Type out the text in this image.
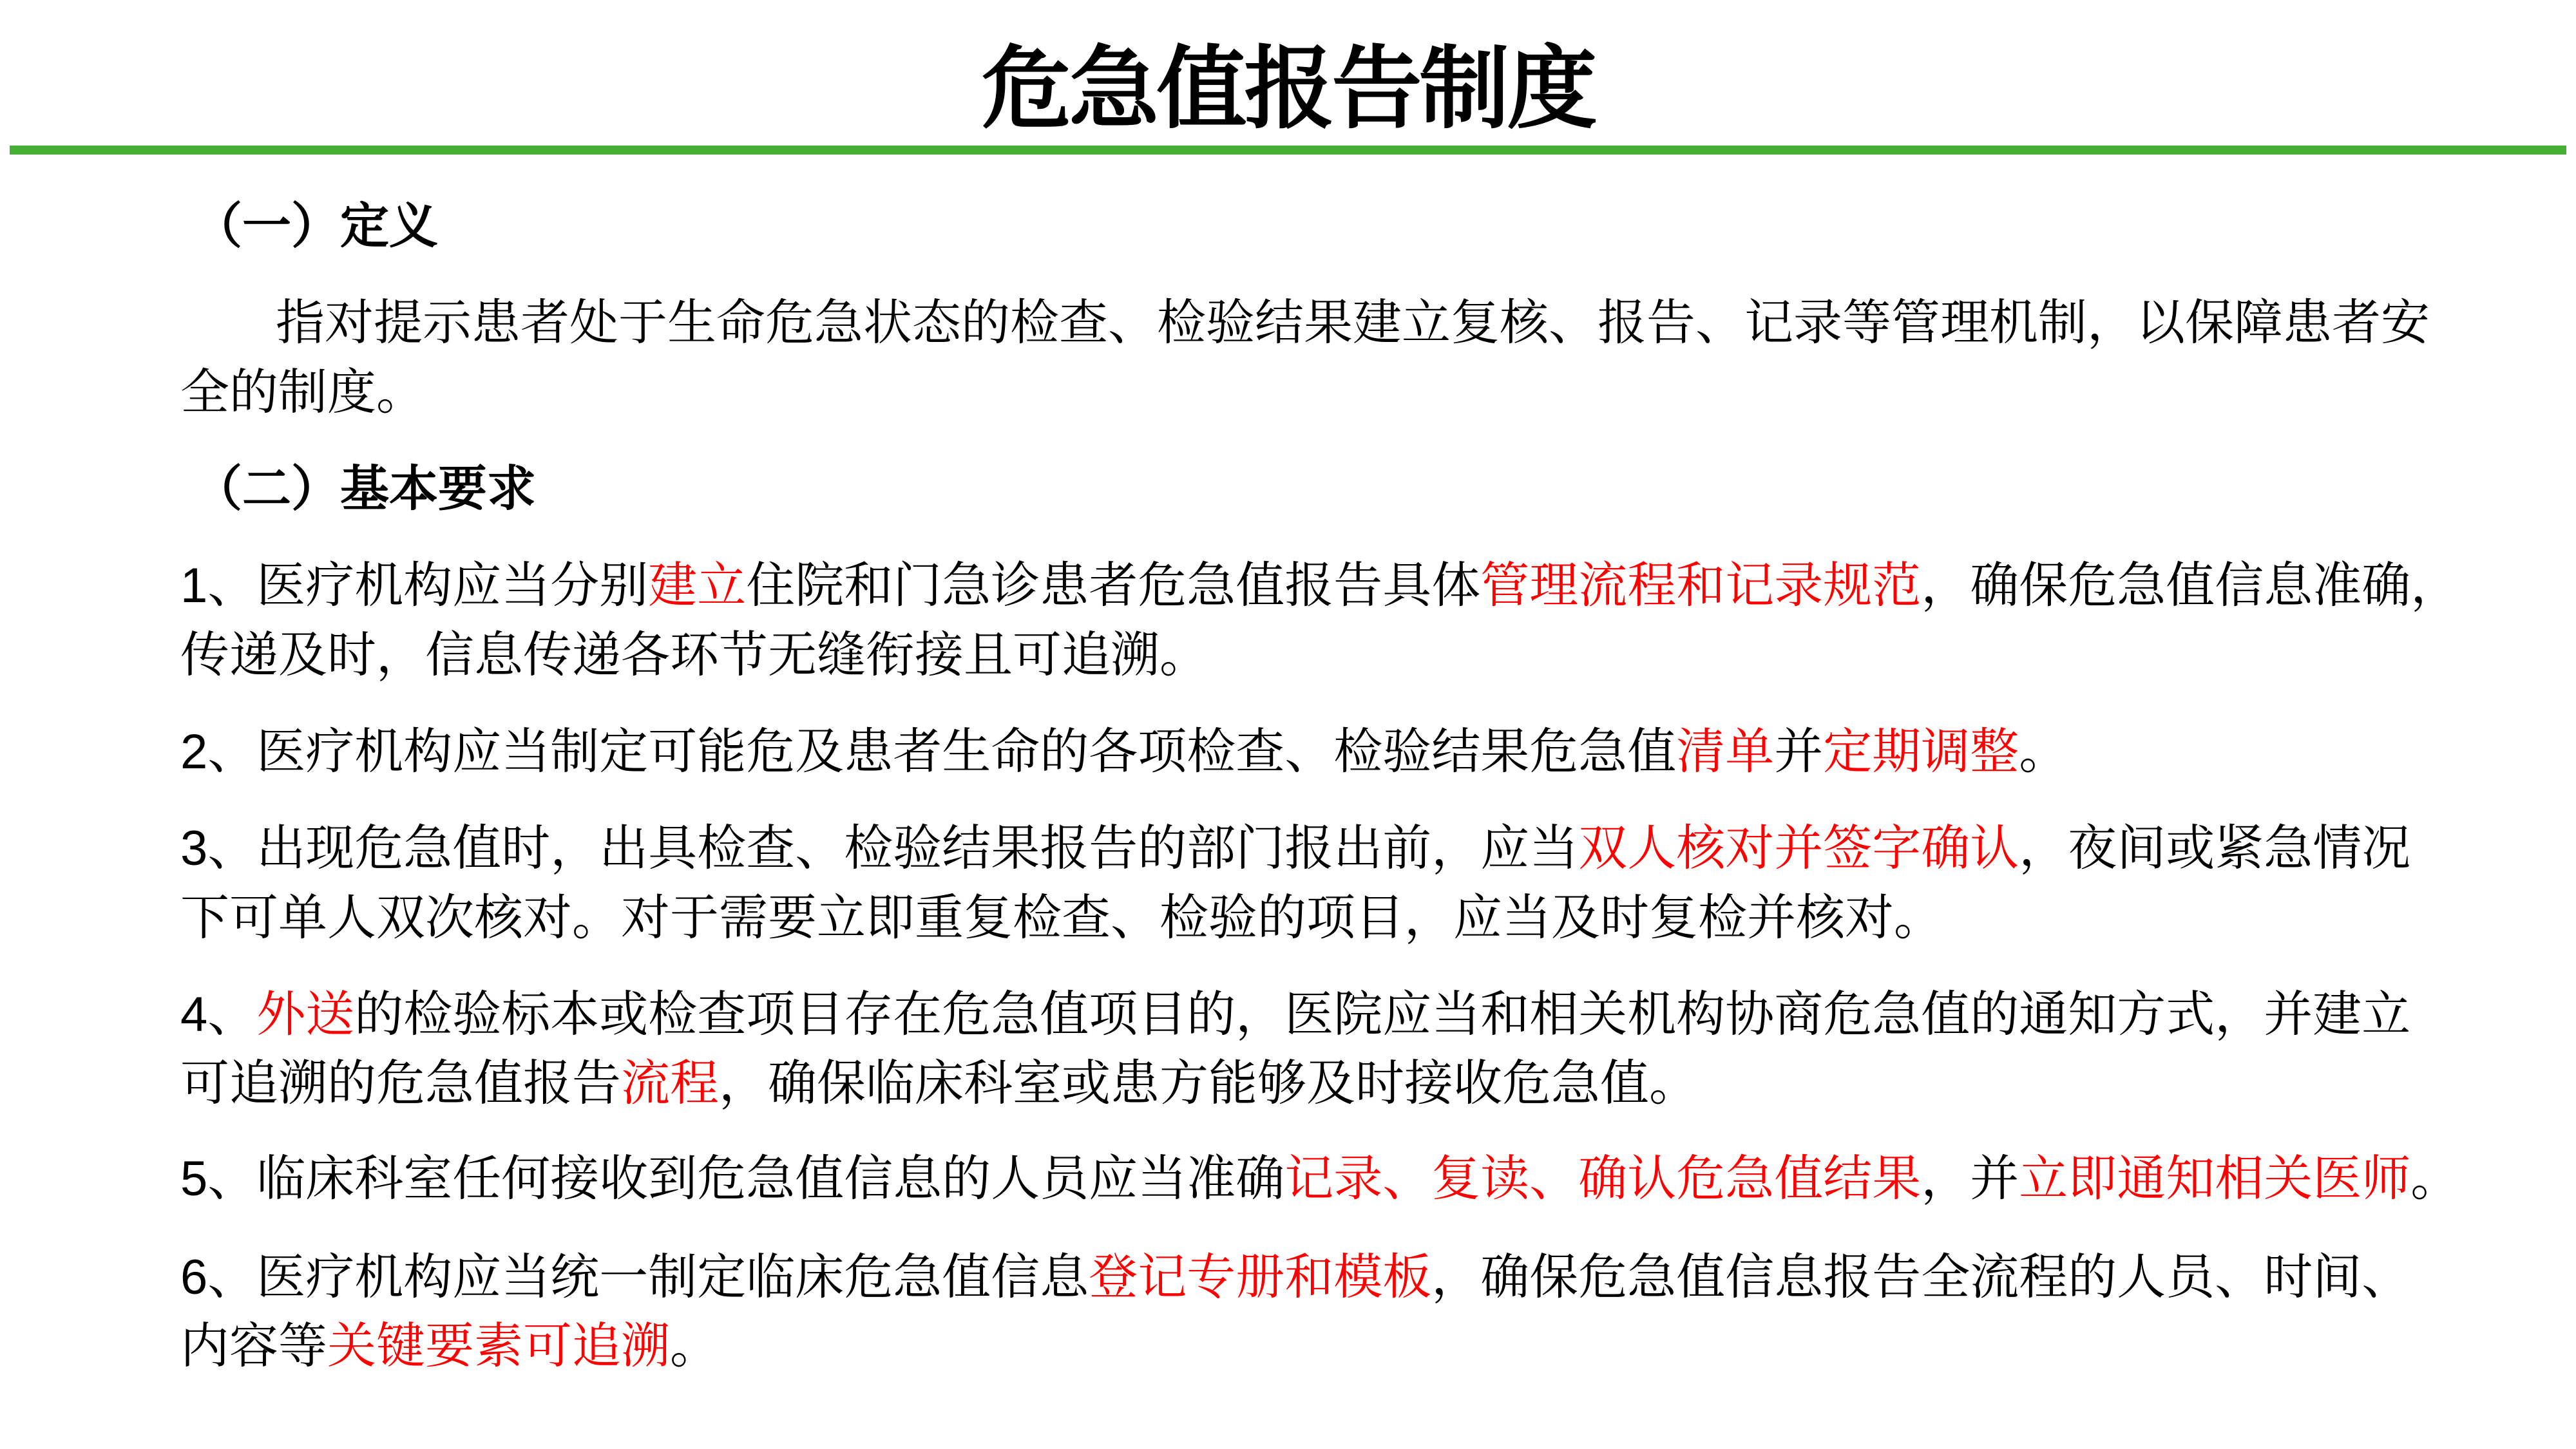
危急值报告制度
（一）定义
（二）基本要求
指对提示患者处于生命危急状态的检查、检验结果建立复核、报告、记录等管理机制，以保障患者安
全的制度。
1、医疗机构应当分别建立住院和门急诊患者危急值报告具体管理流程和记录规范，确保危急值信息准确，
传递及时，信息传递各环节无缝衔接且可追溯。
2、医疗机构应当制定可能危及患者生命的各项检查、检验结果危急值清单并定期调整。
3、出现危急值时，出具检查、检验结果报告的部门报出前，应当双人核对并签字确认，夜间或紧急情况
下可单人双次核对。对于需要立即重复检查、检验的项目，应当及时复检并核对。
4、外送的检验标本或检查项目存在危急值项目的，医院应当和相关机构协商危急值的通知方式，并建立
可追溯的危急值报告流程，确保临床科室或患方能够及时接收危急值。
5、临床科室任何接收到危急值信息的人员应当准确记录、复读、确认危急值结果，并立即通知相关医师。
6、医疗机构应当统一制定临床危急值信息登记专册和模板，确保危急值信息报告全流程的人员、时间、
内容等关键要素可追溯。
